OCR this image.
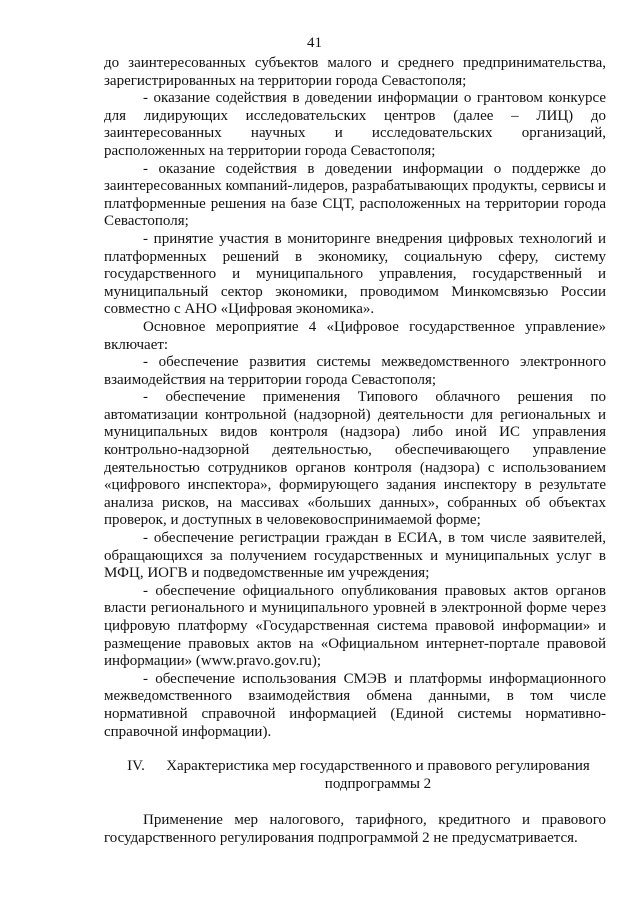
41

до заинтересованных субъектов малого и среднего предпринимательства, зарегистрированных на территории города Севастополя;

- оказание содействия в доведении информации о грантовом конкурсе для лидирующих исследовательских центров (далее – ЛИЦ) до заинтересованных научных и исследовательских организаций, расположенных на территории города Севастополя;

- оказание содействия в доведении информации о поддержке до заинтересованных компаний-лидеров, разрабатывающих продукты, сервисы и платформенные решения на базе СЦТ, расположенных на территории города Севастополя;

- принятие участия в мониторинге внедрения цифровых технологий и платформенных решений в экономику, социальную сферу, систему государственного и муниципального управления, государственный и муниципальный сектор экономики, проводимом Минкомсвязью России совместно с АНО «Цифровая экономика».

Основное мероприятие 4 «Цифровое государственное управление» включает:

- обеспечение развития системы межведомственного электронного взаимодействия на территории города Севастополя;

- обеспечение применения Типового облачного решения по автоматизации контрольной (надзорной) деятельности для региональных и муниципальных видов контроля (надзора) либо иной ИС управления контрольно-надзорной деятельностью, обеспечивающего управление деятельностью сотрудников органов контроля (надзора) с использованием «цифрового инспектора», формирующего задания инспектору в результате анализа рисков, на массивах «больших данных», собранных об объектах проверок, и доступных в человековоспринимаемой форме;

- обеспечение регистрации граждан в ЕСИА, в том числе заявителей, обращающихся за получением государственных и муниципальных услуг в МФЦ, ИОГВ и подведомственные им учреждения;

- обеспечение официального опубликования правовых актов органов власти регионального и муниципального уровней в электронной форме через цифровую платформу «Государственная система правовой информации» и размещение правовых актов на «Официальном интернет-портале правовой информации» (www.pravo.gov.ru);

- обеспечение использования СМЭВ и платформы информационного межведомственного взаимодействия обмена данными, в том числе нормативной справочной информацией (Единой системы нормативно-справочной информации).

IV.	Характеристика мер государственного и правового регулирования подпрограммы 2

Применение мер налогового, тарифного, кредитного и правового государственного регулирования подпрограммой 2 не предусматривается.
